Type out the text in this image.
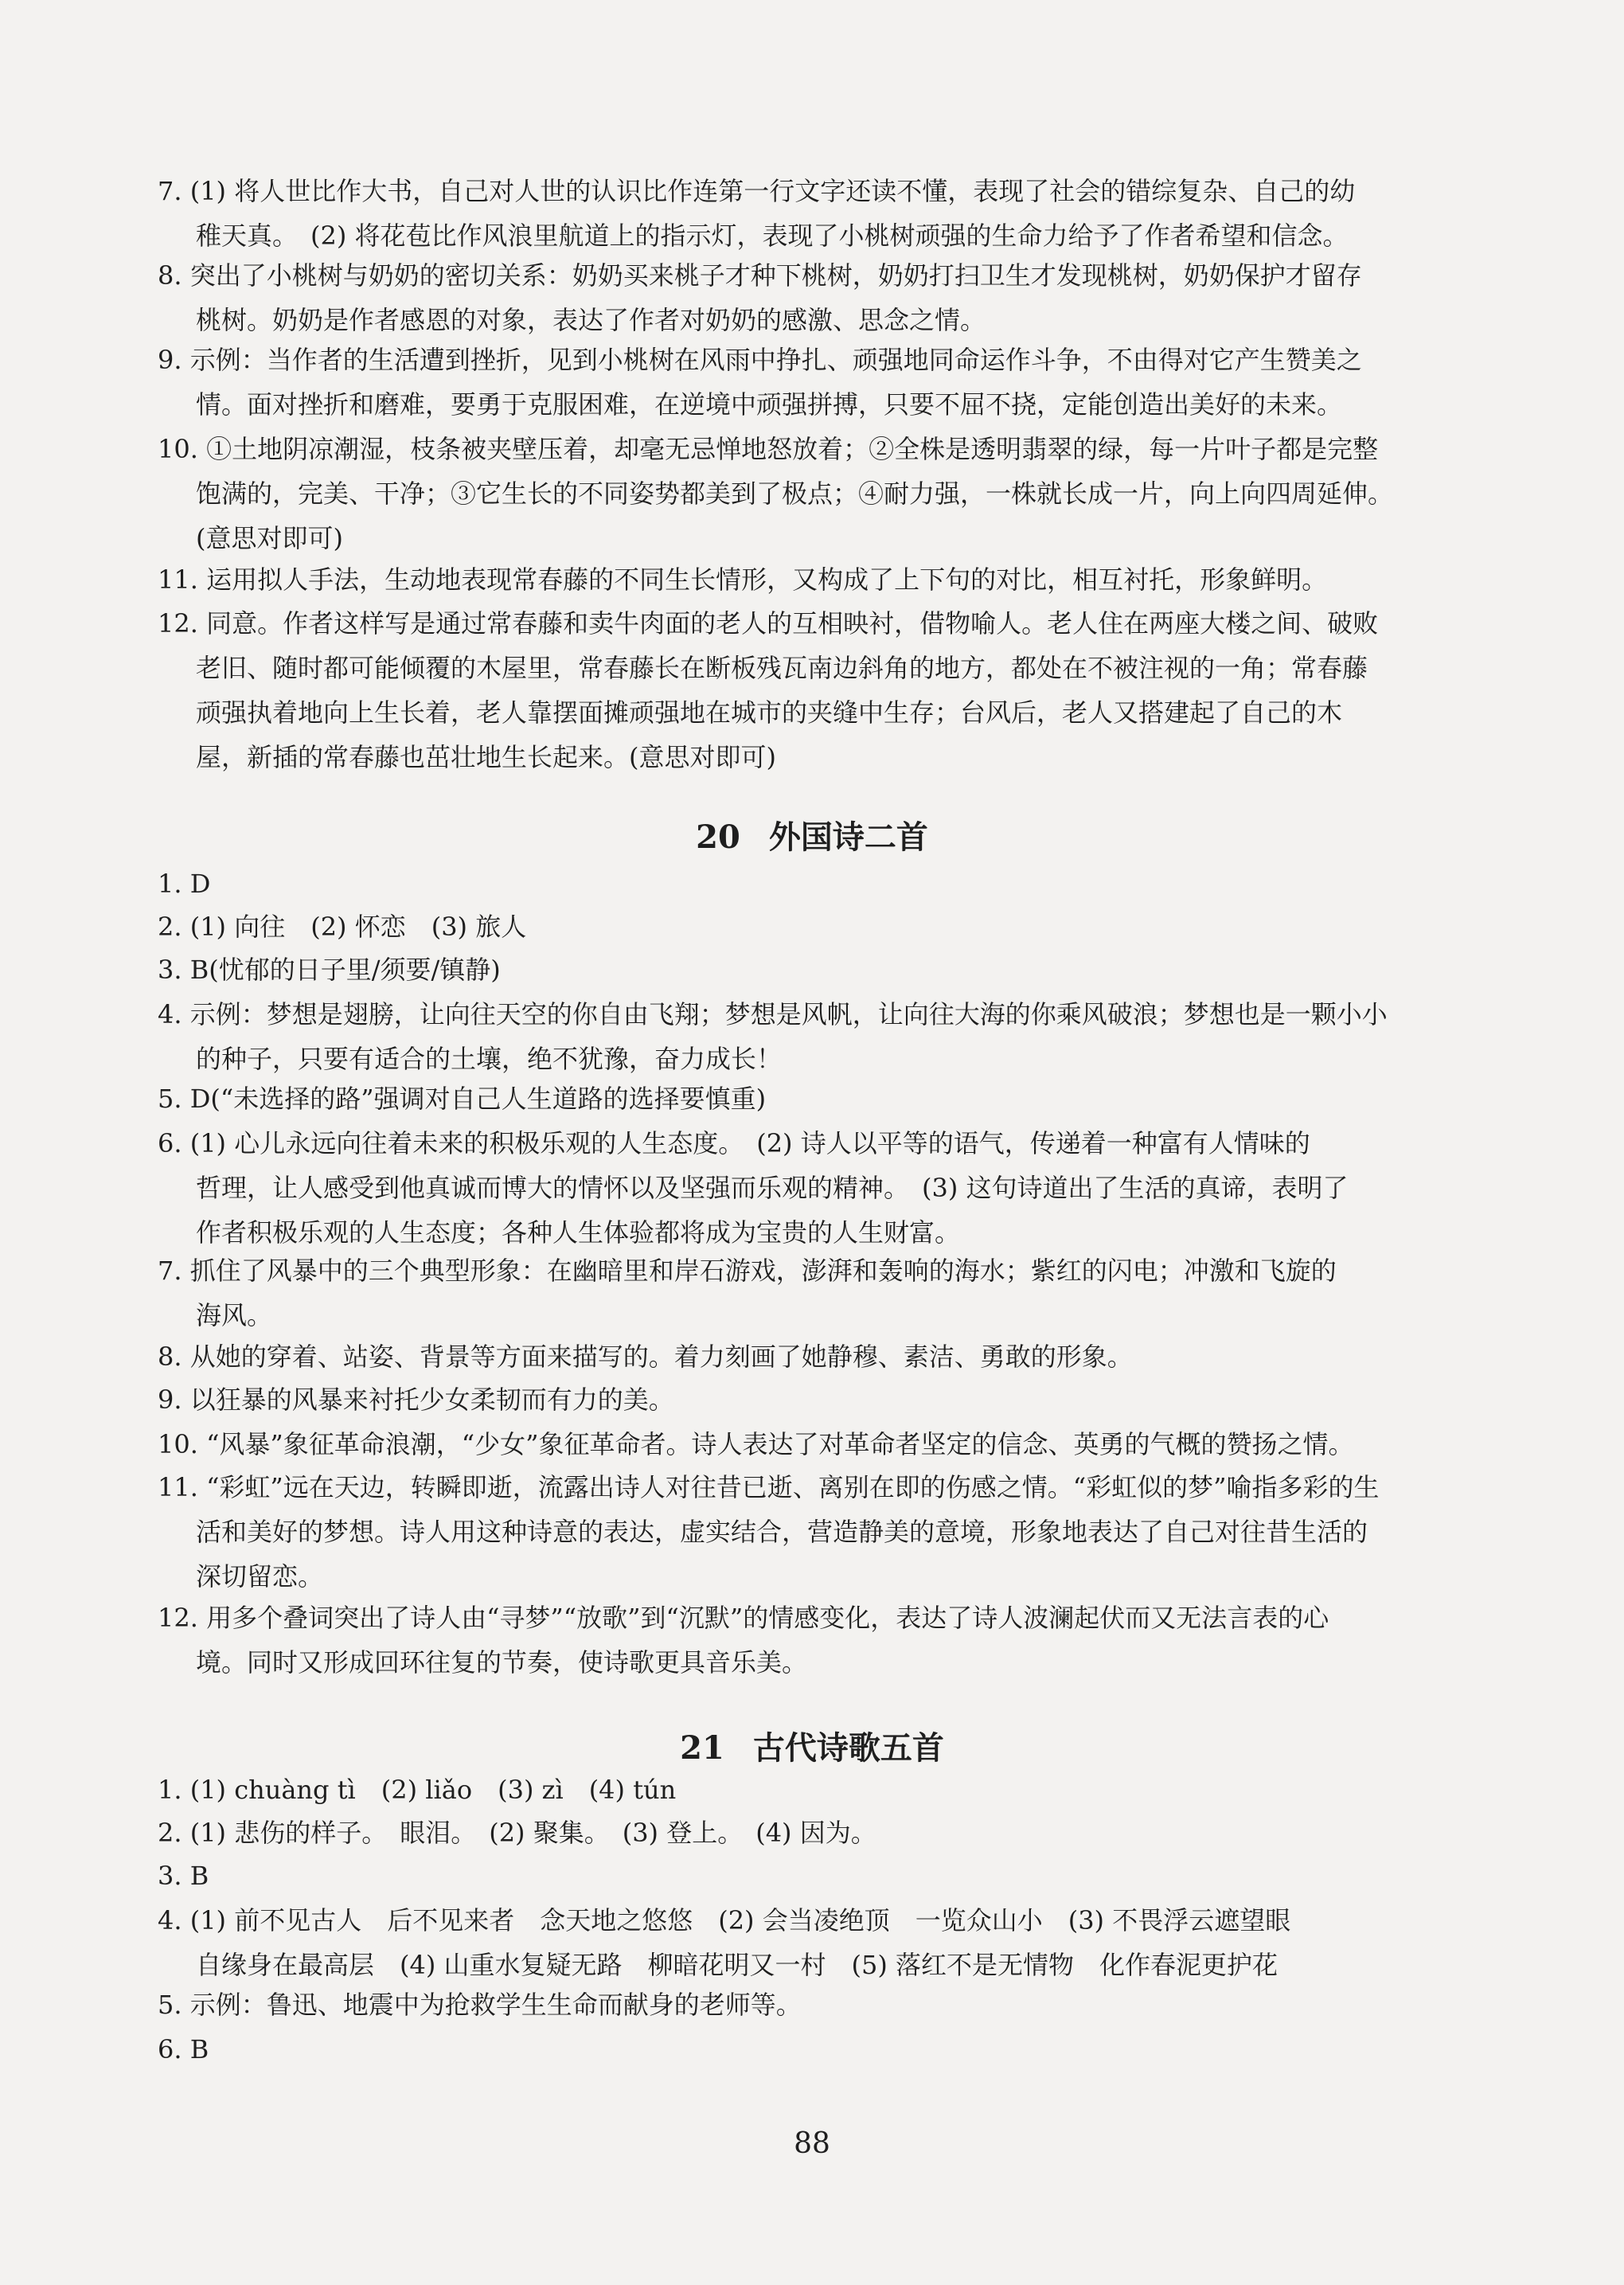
7. (1) 将人世比作大书，自己对人世的认识比作连第一行文字还读不懂，表现了社会的错综复杂、自己的幼
稚天真。　(2) 将花苞比作风浪里航道上的指示灯，表现了小桃树顽强的生命力给予了作者希望和信念。
8. 突出了小桃树与奶奶的密切关系：奶奶买来桃子才种下桃树，奶奶打扫卫生才发现桃树，奶奶保护才留存
桃树。奶奶是作者感恩的对象，表达了作者对奶奶的感激、思念之情。
9. 示例：当作者的生活遭到挫折，见到小桃树在风雨中挣扎、顽强地同命运作斗争，不由得对它产生赞美之
情。面对挫折和磨难，要勇于克服困难，在逆境中顽强拼搏，只要不屈不挠，定能创造出美好的未来。
10. ①土地阴凉潮湿，枝条被夹壁压着，却毫无忌惮地怒放着；②全株是透明翡翠的绿，每一片叶子都是完整
饱满的，完美、干净；③它生长的不同姿势都美到了极点；④耐力强，一株就长成一片，向上向四周延伸。
(意思对即可)
11. 运用拟人手法，生动地表现常春藤的不同生长情形，又构成了上下句的对比，相互衬托，形象鲜明。
12. 同意。作者这样写是通过常春藤和卖牛肉面的老人的互相映衬，借物喻人。老人住在两座大楼之间、破败
老旧、随时都可能倾覆的木屋里，常春藤长在断板残瓦南边斜角的地方，都处在不被注视的一角；常春藤
顽强执着地向上生长着，老人靠摆面摊顽强地在城市的夹缝中生存；台风后，老人又搭建起了自己的木
屋，新插的常春藤也茁壮地生长起来。(意思对即可)
20 外国诗二首
1. D
2. (1) 向往　(2) 怀恋　(3) 旅人
3. B(忧郁的日子里/须要/镇静)
4. 示例：梦想是翅膀，让向往天空的你自由飞翔；梦想是风帆，让向往大海的你乘风破浪；梦想也是一颗小小
的种子，只要有适合的土壤，绝不犹豫，奋力成长！
5. D(“未选择的路”强调对自己人生道路的选择要慎重)
6. (1) 心儿永远向往着未来的积极乐观的人生态度。　(2) 诗人以平等的语气，传递着一种富有人情味的
哲理，让人感受到他真诚而博大的情怀以及坚强而乐观的精神。　(3) 这句诗道出了生活的真谛，表明了
作者积极乐观的人生态度；各种人生体验都将成为宝贵的人生财富。
7. 抓住了风暴中的三个典型形象：在幽暗里和岸石游戏，澎湃和轰响的海水；紫红的闪电；冲激和飞旋的
海风。
8. 从她的穿着、站姿、背景等方面来描写的。着力刻画了她静穆、素洁、勇敢的形象。
9. 以狂暴的风暴来衬托少女柔韧而有力的美。
10. “风暴”象征革命浪潮，“少女”象征革命者。诗人表达了对革命者坚定的信念、英勇的气概的赞扬之情。
11. “彩虹”远在天边，转瞬即逝，流露出诗人对往昔已逝、离别在即的伤感之情。“彩虹似的梦”喻指多彩的生
活和美好的梦想。诗人用这种诗意的表达，虚实结合，营造静美的意境，形象地表达了自己对往昔生活的
深切留恋。
12. 用多个叠词突出了诗人由“寻梦”“放歌”到“沉默”的情感变化，表达了诗人波澜起伏而又无法言表的心
境。同时又形成回环往复的节奏，使诗歌更具音乐美。
21 古代诗歌五首
1. (1) chuàng tì　(2) liǎo　(3) zì　(4) tún
2. (1) 悲伤的样子。　眼泪。　(2) 聚集。　(3) 登上。　(4) 因为。
3. B
4. (1) 前不见古人　后不见来者　念天地之悠悠　(2) 会当凌绝顶　一览众山小　(3) 不畏浮云遮望眼
自缘身在最高层　(4) 山重水复疑无路　柳暗花明又一村　(5) 落红不是无情物　化作春泥更护花
5. 示例：鲁迅、地震中为抢救学生生命而献身的老师等。
6. B
88
